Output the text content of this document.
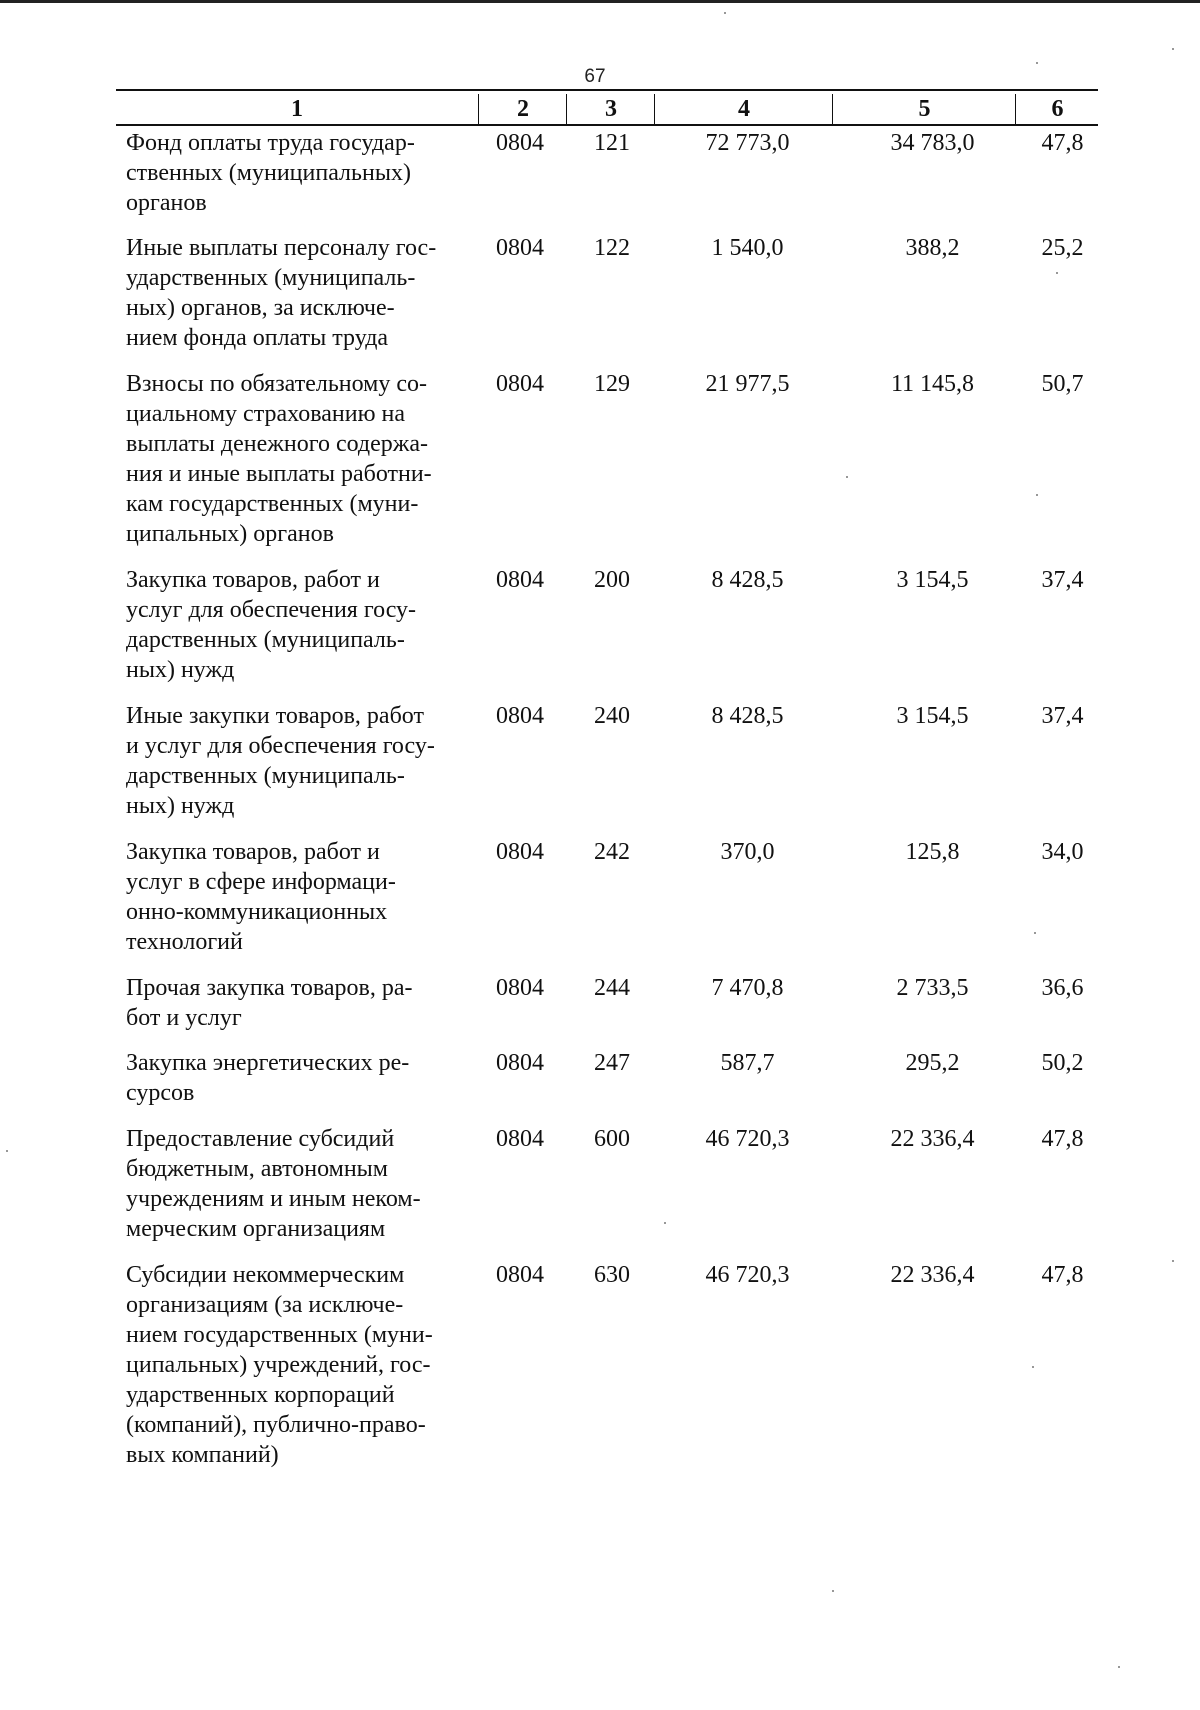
67
1	2	3	4	5	6
Фонд оплаты труда государ-
ственных (муниципальных)
органов
0804	121	72 773,0	34 783,0	47,8
Иные выплаты персоналу гос-
ударственных (муниципаль-
ных) органов, за исключе-
нием фонда оплаты труда
0804	122	1 540,0	388,2	25,2
Взносы по обязательному со-
циальному страхованию на
выплаты денежного содержа-
ния и иные выплаты работни-
кам государственных (муни-
ципальных) органов
0804	129	21 977,5	11 145,8	50,7
Закупка товаров, работ и
услуг для обеспечения госу-
дарственных (муниципаль-
ных) нужд
0804	200	8 428,5	3 154,5	37,4
Иные закупки товаров, работ
и услуг для обеспечения госу-
дарственных (муниципаль-
ных) нужд
0804	240	8 428,5	3 154,5	37,4
Закупка товаров, работ и
услуг в сфере информаци-
онно-коммуникационных
технологий
0804	242	370,0	125,8	34,0
Прочая закупка товаров, ра-
бот и услуг
0804	244	7 470,8	2 733,5	36,6
Закупка энергетических ре-
сурсов
0804	247	587,7	295,2	50,2
Предоставление субсидий
бюджетным, автономным
учреждениям и иным неком-
мерческим организациям
0804	600	46 720,3	22 336,4	47,8
Субсидии некоммерческим
организациям (за исключе-
нием государственных (муни-
ципальных) учреждений, гос-
ударственных корпораций
(компаний), публично-право-
вых компаний)
0804	630	46 720,3	22 336,4	47,8
